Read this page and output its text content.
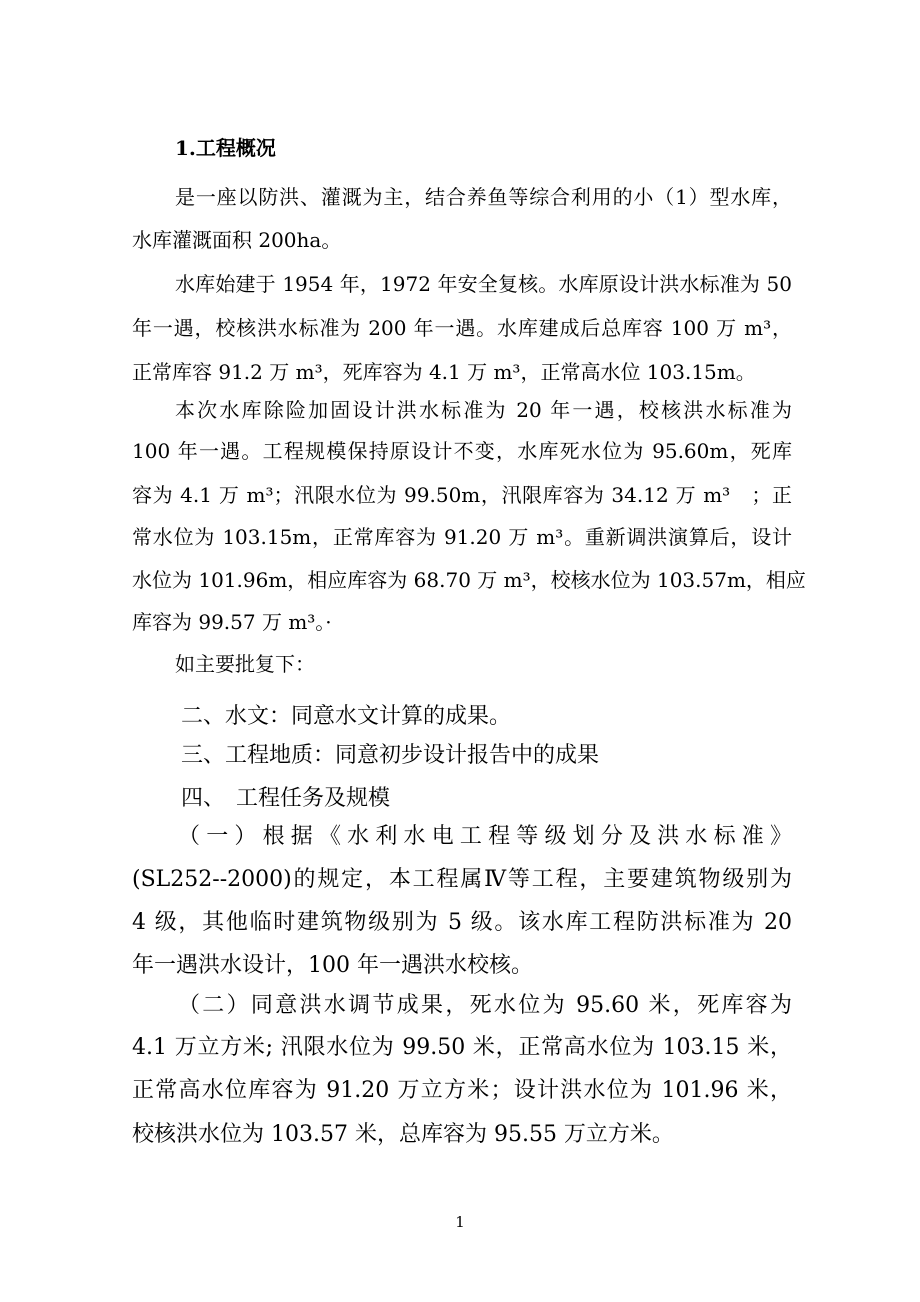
1.工程概况
是一座以防洪、灌溉为主，结合养鱼等综合利用的小（1）型水库，
水库灌溉面积 200ha。
水库始建于 1954 年，1972 年安全复核。水库原设计洪水标准为 50
年一遇，校核洪水标准为 200 年一遇。水库建成后总库容 100 万 m³，
正常库容 91.2 万 m³，死库容为 4.1 万 m³，正常高水位 103.15m。
本次水库除险加固设计洪水标准为 20 年一遇，校核洪水标准为
100 年一遇。工程规模保持原设计不变，水库死水位为 95.60m，死库
容为 4.1 万 m³；汛限水位为 99.50m，汛限库容为 34.12 万 m³　；正
常水位为 103.15m，正常库容为 91.20 万 m³。重新调洪演算后，设计
水位为 101.96m，相应库容为 68.70 万 m³，校核水位为 103.57m，相应
库容为 99.57 万 m³。·
如主要批复下：
二、水文：同意水文计算的成果。
三、工程地质：同意初步设计报告中的成果
四、　工程任务及规模
（一）根据《水利水电工程等级划分及洪水标准》
(SL252--2000)的规定，本工程属Ⅳ等工程，主要建筑物级别为
4 级，其他临时建筑物级别为 5 级。该水库工程防洪标准为 20
年一遇洪水设计，100 年一遇洪水校核。
（二）同意洪水调节成果，死水位为 95.60 米，死库容为
4.1 万立方米; 汛限水位为 99.50 米，正常高水位为 103.15 米，
正常高水位库容为 91.20 万立方米；设计洪水位为 101.96 米，
校核洪水位为 103.57 米，总库容为 95.55 万立方米。
1
